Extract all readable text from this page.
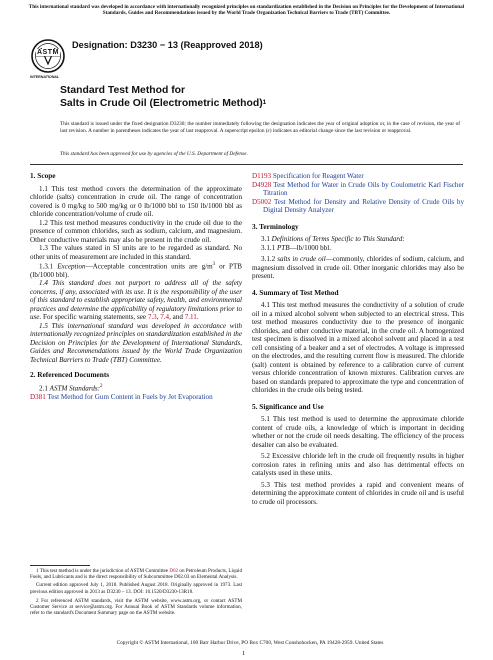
This international standard was developed in accordance with internationally recognized principles on standardization established in the Decision on Principles for the Development of International Standards, Guides and Recommendations issued by the World Trade Organization Technical Barriers to Trade (TBT) Committee.
ASTM
INTERNATIONAL
Designation: D3230 − 13 (Reapproved 2018)
Standard Test Method for
Salts in Crude Oil (Electrometric Method)$^1$
This standard is issued under the fixed designation D3230; the number immediately following the designation indicates the year of original adoption or, in the case of revision, the year of last revision. A number in parentheses indicates the year of last reapproval. A superscript epsilon (ε) indicates an editorial change since the last revision or reapproval.
This standard has been approved for use by agencies of the U.S. Department of Defense.

1. Scope

1.1 This test method covers the determination of the approximate chloride (salts) concentration in crude oil. The range of concentration covered is 0 mg/kg to 500 mg/kg or 0 lb/1000 bbl to 150 lb/1000 bbl as chloride concentration/volume of crude oil.

1.2 This test method measures conductivity in the crude oil due to the presence of common chlorides, such as sodium, calcium, and magnesium. Other conductive materials may also be present in the crude oil.

1.3 The values stated in SI units are to be regarded as standard. No other units of measurement are included in this standard.

1.3.1 Exception—Acceptable concentration units are $g/m^3$ or PTB (lb/1000 bbl).

1.4 This standard does not purport to address all of the safety concerns, if any, associated with its use. It is the responsibility of the user of this standard to establish appropriate safety, health, and environmental practices and determine the applicability of regulatory limitations prior to use. For specific warning statements, see 7.3, 7.4, and 7.11.

1.5 This international standard was developed in accordance with internationally recognized principles on standardization established in the Decision on Principles for the Development of International Standards, Guides and Recommendations issued by the World Trade Organization Technical Barriers to Trade (TBT) Committee.

2. Referenced Documents

2.1 ASTM Standards:$^2$

D381 Test Method for Gum Content in Fuels by Jet Evaporation

1 This test method is under the jurisdiction of ASTM Committee D02 on Petroleum Products, Liquid Fuels, and Lubricants and is the direct responsibility of Subcommittee D02.03 on Elemental Analysis.

Current edition approved July 1, 2018. Published August 2018. Originally approved in 1973. Last previous edition approved in 2013 as D3230 – 13. DOI: 10.1520/D3230-13R18.

2 For referenced ASTM standards, visit the ASTM website, www.astm.org, or contact ASTM Customer Service at service@astm.org. For Annual Book of ASTM Standards volume information, refer to the standard's Document Summary page on the ASTM website.

D1193 Specification for Reagent Water

D4928 Test Method for Water in Crude Oils by Coulometric Karl Fischer Titration

D5002 Test Method for Density and Relative Density of Crude Oils by Digital Density Analyzer

3. Terminology

3.1 Definitions of Terms Specific to This Standard:

3.1.1 PTB—lb/1000 bbl.

3.1.2 salts in crude oil—commonly, chlorides of sodium, calcium, and magnesium dissolved in crude oil. Other inorganic chlorides may also be present.

4. Summary of Test Method

4.1 This test method measures the conductivity of a solution of crude oil in a mixed alcohol solvent when subjected to an electrical stress. This test method measures conductivity due to the presence of inorganic chlorides, and other conductive material, in the crude oil. A homogenized test specimen is dissolved in a mixed alcohol solvent and placed in a test cell consisting of a beaker and a set of electrodes. A voltage is impressed on the electrodes, and the resulting current flow is measured. The chloride (salt) content is obtained by reference to a calibration curve of current versus chloride concentration of known mixtures. Calibration curves are based on standards prepared to approximate the type and concentration of chlorides in the crude oils being tested.

5. Significance and Use

5.1 This test method is used to determine the approximate chloride content of crude oils, a knowledge of which is important in deciding whether or not the crude oil needs desalting. The efficiency of the process desalter can also be evaluated.

5.2 Excessive chloride left in the crude oil frequently results in higher corrosion rates in refining units and also has detrimental effects on catalysts used in these units.

5.3 This test method provides a rapid and convenient means of determining the approximate content of chlorides in crude oil and is useful to crude oil processors.

Copyright © ASTM International, 100 Barr Harbor Drive, PO Box C700, West Conshohocken, PA 19428-2959. United States
1
